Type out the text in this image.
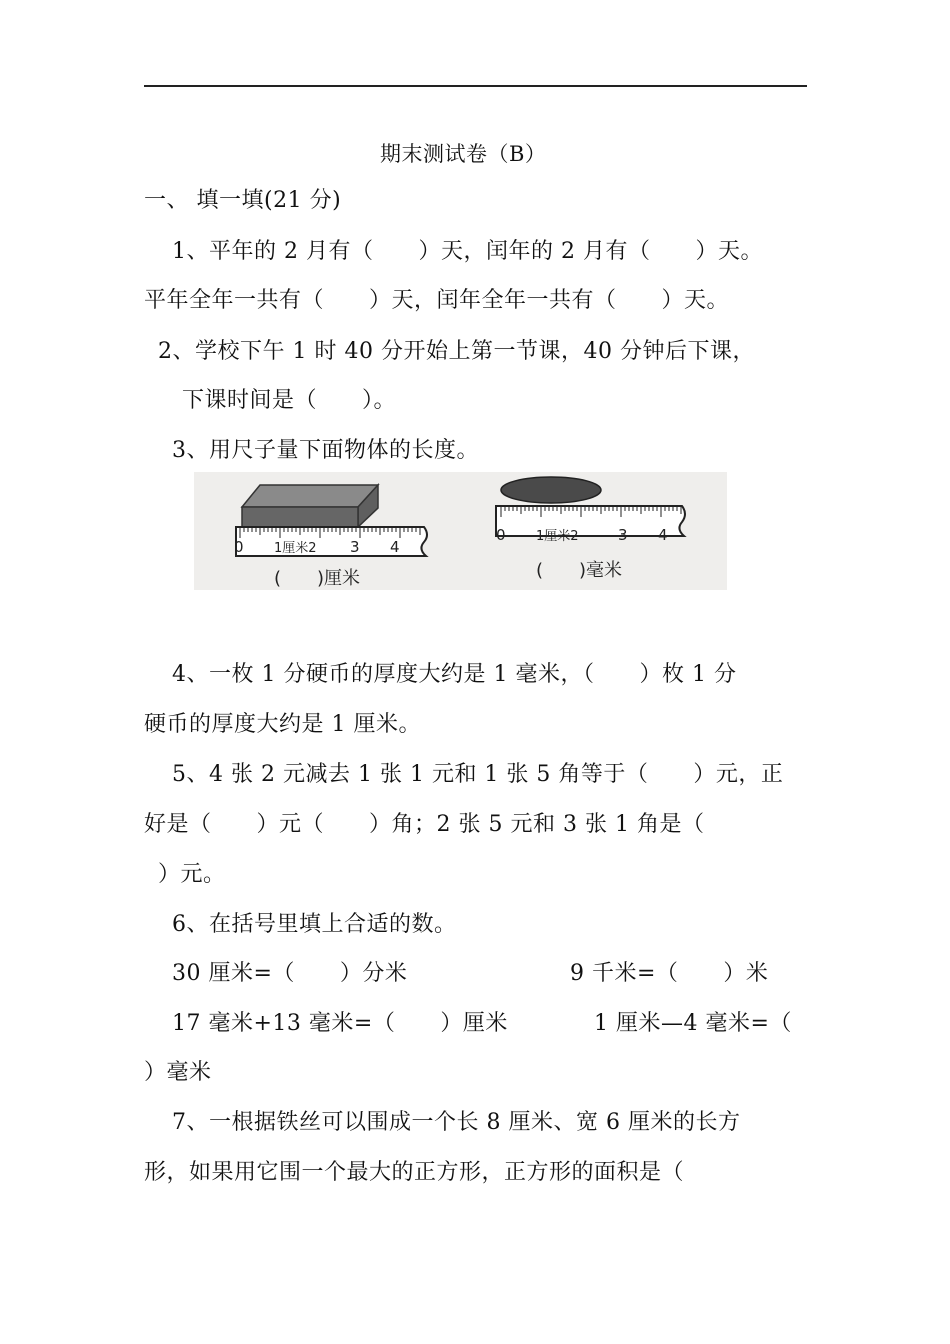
期末测试卷（B）
一、 填一填(21 分)
1、平年的 2 月有（　　）天，闰年的 2 月有（　　）天。
平年全年一共有（　　）天，闰年全年一共有（　　）天。
2、学校下午 1 时 40 分开始上第一节课，40 分钟后下课，
下课时间是（　　）。
3、用尺子量下面物体的长度。
0 1厘米2 3 4
(　　)厘米
0 1厘米2	3 4
(　　)毫米
4、一枚 1 分硬币的厚度大约是 1 毫米，（　　）枚 1 分
硬币的厚度大约是 1 厘米。
5、4 张 2 元减去 1 张 1 元和 1 张 5 角等于（　　）元，正
好是（　　）元（　　）角；2 张 5 元和 3 张 1 角是（
）元。
6、在括号里填上合适的数。
30 厘米=（　　）分米	9 千米=（　　）米
17 毫米+13 毫米=（　　）厘米	1 厘米—4 毫米=（
）毫米
7、一根据铁丝可以围成一个长 8 厘米、宽 6 厘米的长方
形，如果用它围一个最大的正方形，正方形的面积是（
